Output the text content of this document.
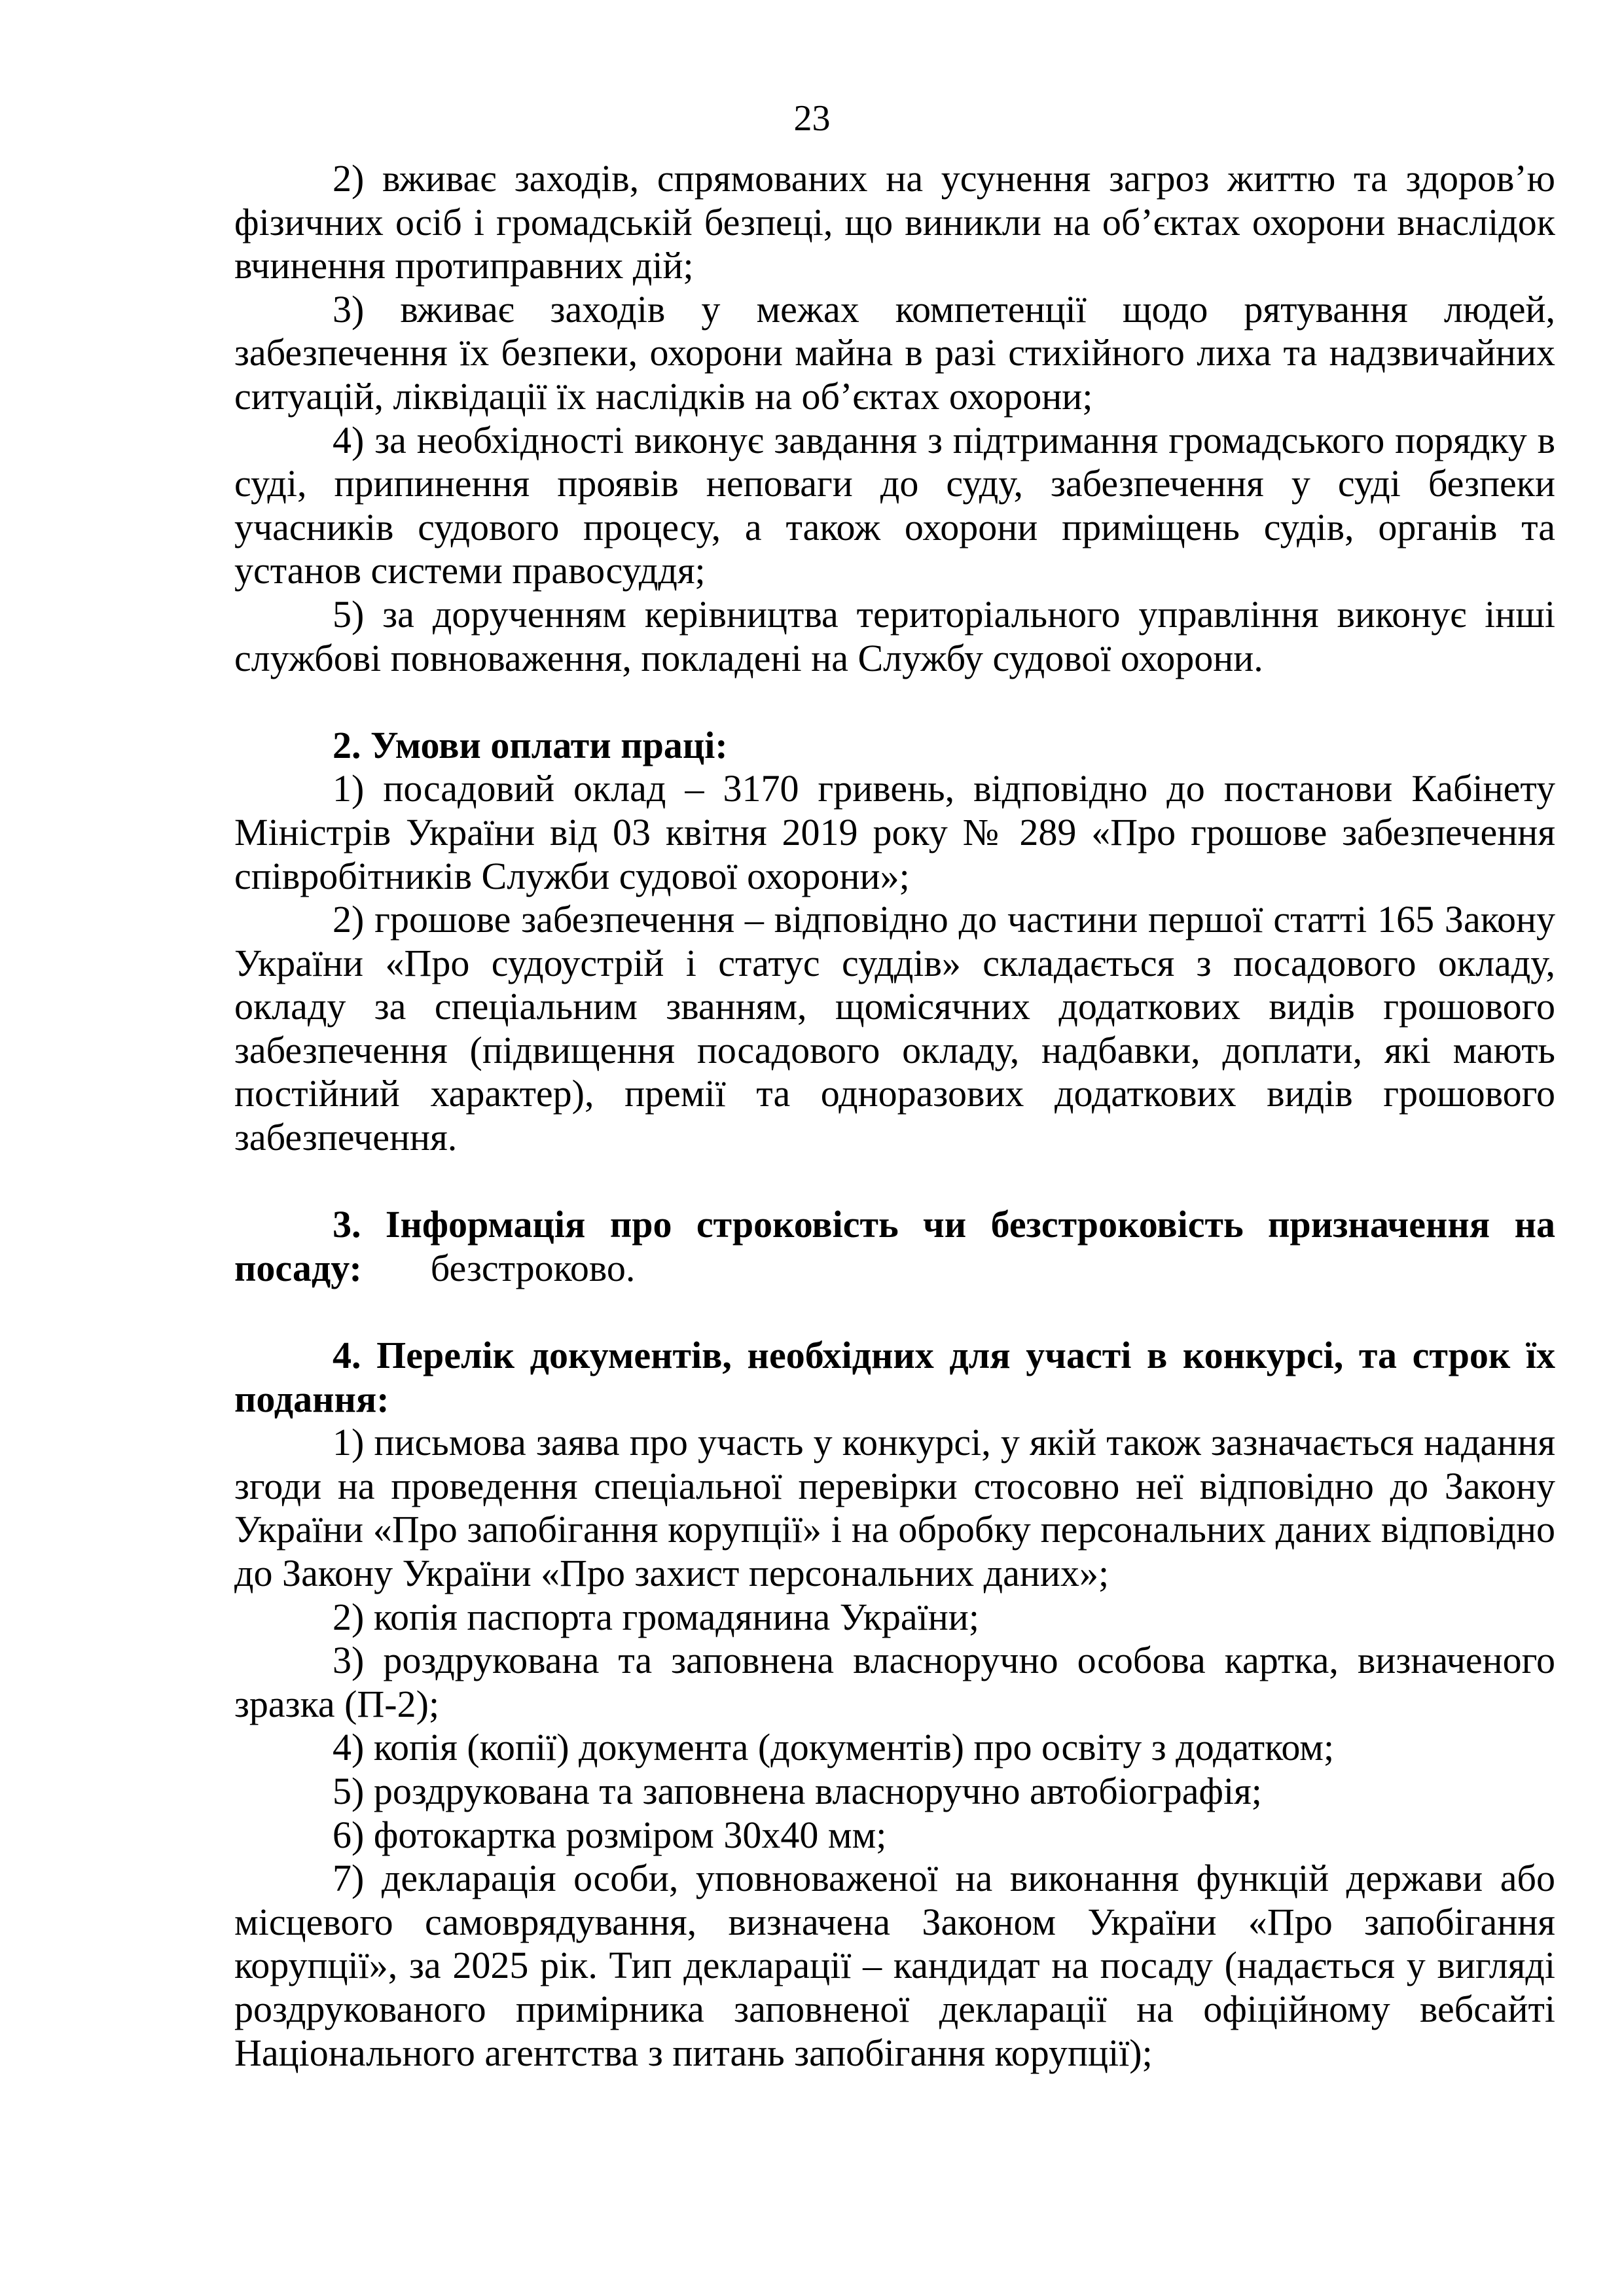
23

2) вживає заходів, спрямованих на усунення загроз життю та здоров’ю фізичних осіб і громадській безпеці, що виникли на об’єктах охорони внаслідок вчинення протиправних дій;

3) вживає заходів у межах компетенції щодо рятування людей, забезпечення їх безпеки, охорони майна в разі стихійного лиха та надзвичайних ситуацій, ліквідації їх наслідків на об’єктах охорони;

4) за необхідності виконує завдання з підтримання громадського порядку в суді, припинення проявів неповаги до суду, забезпечення у суді безпеки учасників судового процесу, а також охорони приміщень судів, органів та установ системи правосуддя;

5) за дорученням керівництва територіального управління виконує інші службові повноваження, покладені на Службу судової охорони.

2. Умови оплати праці:

1) посадовий оклад – 3170 гривень, відповідно до постанови Кабінету Міністрів України від 03 квітня 2019 року № 289 «Про грошове забезпечення співробітників Служби судової охорони»;

2) грошове забезпечення – відповідно до частини першої статті 165 Закону України «Про судоустрій і статус суддів» складається з посадового окладу, окладу за спеціальним званням, щомісячних додаткових видів грошового забезпечення (підвищення посадового окладу, надбавки, доплати, які мають постійний характер), премії та одноразових додаткових видів грошового забезпечення.

3. Інформація про строковість чи безстроковість призначення на посаду: безстроково.

4. Перелік документів, необхідних для участі в конкурсі, та строк їх подання:

1) письмова заява про участь у конкурсі, у якій також зазначається надання згоди на проведення спеціальної перевірки стосовно неї відповідно до Закону України «Про запобігання корупції» і на обробку персональних даних відповідно до Закону України «Про захист персональних даних»;

2) копія паспорта громадянина України;

3) роздрукована та заповнена власноручно особова картка, визначеного зразка (П-2);

4) копія (копії) документа (документів) про освіту з додатком;

5) роздрукована та заповнена власноручно автобіографія;

6) фотокартка розміром 30х40 мм;

7) декларація особи, уповноваженої на виконання функцій держави або місцевого самоврядування, визначена Законом України «Про запобігання корупції», за 2025 рік. Тип декларації – кандидат на посаду (надається у вигляді роздрукованого примірника заповненої декларації на офіційному вебсайті Національного агентства з питань запобігання корупції);
